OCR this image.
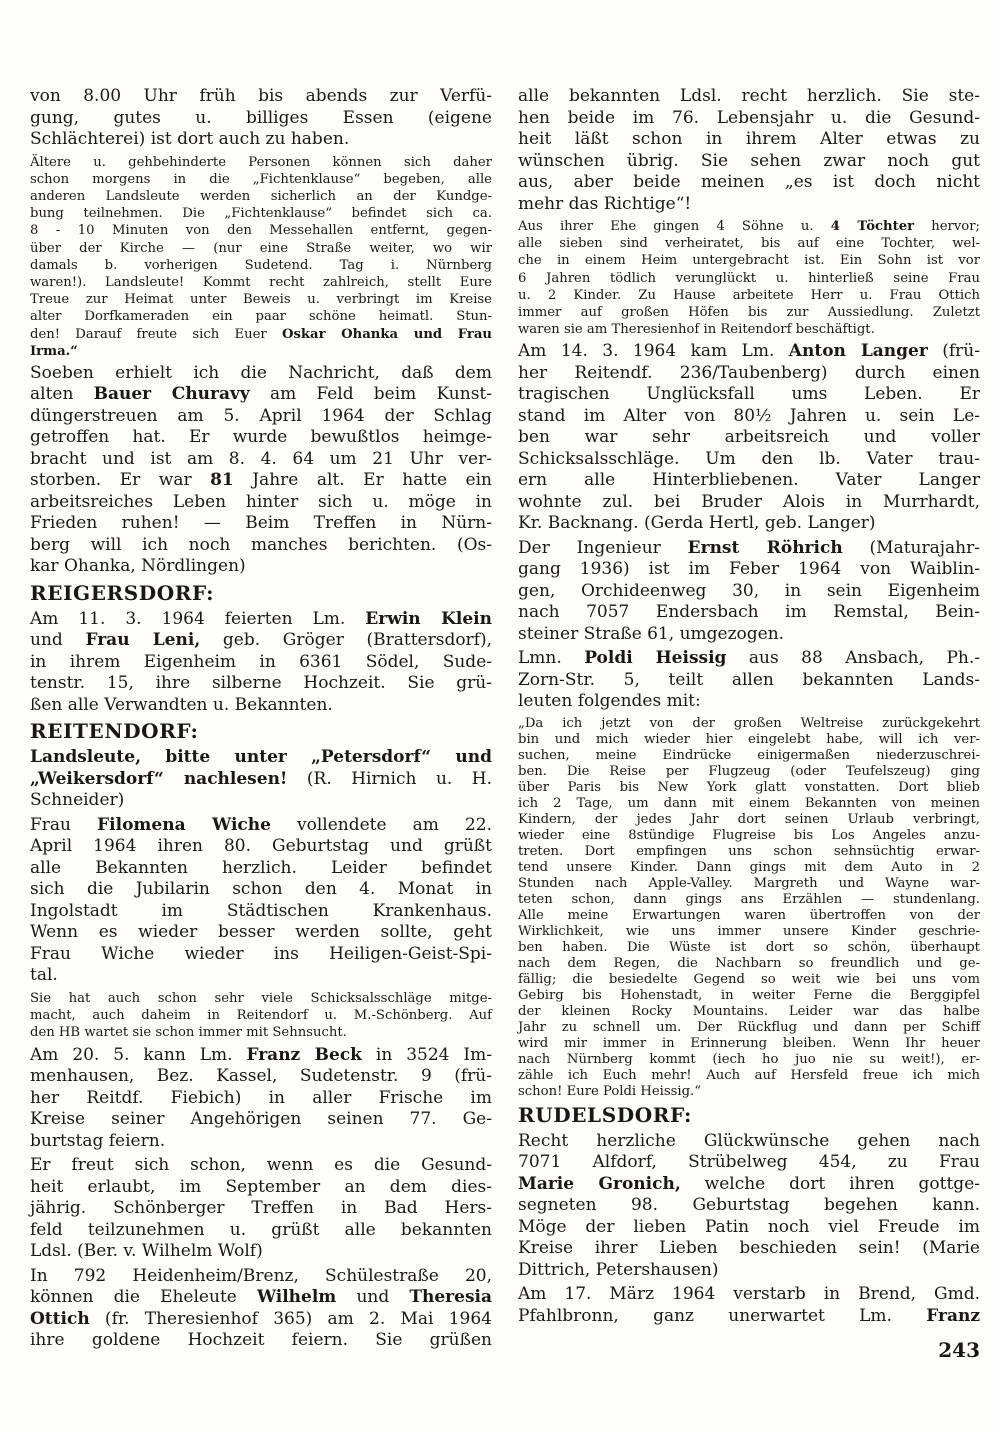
von 8.00 Uhr früh bis abends zur Verfü-
gung, gutes u. billiges Essen (eigene
Schlächterei) ist dort auch zu haben.
Ältere u. gehbehinderte Personen können sich daher
schon morgens in die „Fichtenklause“ begeben, alle
anderen Landsleute werden sicherlich an der Kundge-
bung teilnehmen. Die „Fichtenklause“ befindet sich ca.
8 - 10 Minuten von den Messehallen entfernt, gegen-
über der Kirche — (nur eine Straße weiter, wo wir
damals b. vorherigen Sudetend. Tag i. Nürnberg
waren!). Landsleute! Kommt recht zahlreich, stellt Eure
Treue zur Heimat unter Beweis u. verbringt im Kreise
alter Dorfkameraden ein paar schöne heimatl. Stun-
den! Darauf freute sich Euer Oskar Ohanka und Frau
Irma.“
Soeben erhielt ich die Nachricht, daß dem
alten Bauer Churavy am Feld beim Kunst-
düngerstreuen am 5. April 1964 der Schlag
getroffen hat. Er wurde bewußtlos heimge-
bracht und ist am 8. 4. 64 um 21 Uhr ver-
storben. Er war 81 Jahre alt. Er hatte ein
arbeitsreiches Leben hinter sich u. möge in
Frieden ruhen! — Beim Treffen in Nürn-
berg will ich noch manches berichten. (Os-
kar Ohanka, Nördlingen)
REIGERSDORF:
Am 11. 3. 1964 feierten Lm. Erwin Klein
und Frau Leni, geb. Gröger (Brattersdorf),
in ihrem Eigenheim in 6361 Södel, Sude-
tenstr. 15, ihre silberne Hochzeit. Sie grü-
ßen alle Verwandten u. Bekannten.
REITENDORF:
Landsleute, bitte unter „Petersdorf“ und
„Weikersdorf“ nachlesen! (R. Hirnich u. H.
Schneider)
Frau Filomena Wiche vollendete am 22.
April 1964 ihren 80. Geburtstag und grüßt
alle Bekannten herzlich. Leider befindet
sich die Jubilarin schon den 4. Monat in
Ingolstadt im Städtischen Krankenhaus.
Wenn es wieder besser werden sollte, geht
Frau Wiche wieder ins Heiligen-Geist-Spi-
tal.
Sie hat auch schon sehr viele Schicksalsschläge mitge-
macht, auch daheim in Reitendorf u. M.-Schönberg. Auf
den HB wartet sie schon immer mit Sehnsucht.
Am 20. 5. kann Lm. Franz Beck in 3524 Im-
menhausen, Bez. Kassel, Sudetenstr. 9 (frü-
her Reitdf. Fiebich) in aller Frische im
Kreise seiner Angehörigen seinen 77. Ge-
burtstag feiern.
Er freut sich schon, wenn es die Gesund-
heit erlaubt, im September an dem dies-
jährig. Schönberger Treffen in Bad Hers-
feld teilzunehmen u. grüßt alle bekannten
Ldsl. (Ber. v. Wilhelm Wolf)
In 792 Heidenheim/Brenz, Schülestraße 20,
können die Eheleute Wilhelm und Theresia
Ottich (fr. Theresienhof 365) am 2. Mai 1964
ihre goldene Hochzeit feiern. Sie grüßen
alle bekannten Ldsl. recht herzlich. Sie ste-
hen beide im 76. Lebensjahr u. die Gesund-
heit läßt schon in ihrem Alter etwas zu
wünschen übrig. Sie sehen zwar noch gut
aus, aber beide meinen „es ist doch nicht
mehr das Richtige“!
Aus ihrer Ehe gingen 4 Söhne u. 4 Töchter hervor;
alle sieben sind verheiratet, bis auf eine Tochter, wel-
che in einem Heim untergebracht ist. Ein Sohn ist vor
6 Jahren tödlich verunglückt u. hinterließ seine Frau
u. 2 Kinder. Zu Hause arbeitete Herr u. Frau Ottich
immer auf großen Höfen bis zur Aussiedlung. Zuletzt
waren sie am Theresienhof in Reitendorf beschäftigt.
Am 14. 3. 1964 kam Lm. Anton Langer (frü-
her Reitendf. 236/Taubenberg) durch einen
tragischen Unglücksfall ums Leben. Er
stand im Alter von 80½ Jahren u. sein Le-
ben war sehr arbeitsreich und voller
Schicksalsschläge. Um den lb. Vater trau-
ern alle Hinterbliebenen. Vater Langer
wohnte zul. bei Bruder Alois in Murrhardt,
Kr. Backnang. (Gerda Hertl, geb. Langer)
Der Ingenieur Ernst Röhrich (Maturajahr-
gang 1936) ist im Feber 1964 von Waiblin-
gen, Orchideenweg 30, in sein Eigenheim
nach 7057 Endersbach im Remstal, Bein-
steiner Straße 61, umgezogen.
Lmn. Poldi Heissig aus 88 Ansbach, Ph.-
Zorn-Str. 5, teilt allen bekannten Lands-
leuten folgendes mit:
„Da ich jetzt von der großen Weltreise zurückgekehrt
bin und mich wieder hier eingelebt habe, will ich ver-
suchen, meine Eindrücke einigermaßen niederzuschrei-
ben. Die Reise per Flugzeug (oder Teufelszeug) ging
über Paris bis New York glatt vonstatten. Dort blieb
ich 2 Tage, um dann mit einem Bekannten von meinen
Kindern, der jedes Jahr dort seinen Urlaub verbringt,
wieder eine 8stündige Flugreise bis Los Angeles anzu-
treten. Dort empfingen uns schon sehnsüchtig erwar-
tend unsere Kinder. Dann gings mit dem Auto in 2
Stunden nach Apple-Valley. Margreth und Wayne war-
teten schon, dann gings ans Erzählen — stundenlang.
Alle meine Erwartungen waren übertroffen von der
Wirklichkeit, wie uns immer unsere Kinder geschrie-
ben haben. Die Wüste ist dort so schön, überhaupt
nach dem Regen, die Nachbarn so freundlich und ge-
fällig; die besiedelte Gegend so weit wie bei uns vom
Gebirg bis Hohenstadt, in weiter Ferne die Berggipfel
der kleinen Rocky Mountains. Leider war das halbe
Jahr zu schnell um. Der Rückflug und dann per Schiff
wird mir immer in Erinnerung bleiben. Wenn Ihr heuer
nach Nürnberg kommt (iech ho juo nie su weit!), er-
zähle ich Euch mehr! Auch auf Hersfeld freue ich mich
schon! Eure Poldi Heissig.“
RUDELSDORF:
Recht herzliche Glückwünsche gehen nach
7071 Alfdorf, Strübelweg 454, zu Frau
Marie Gronich, welche dort ihren gottge-
segneten 98. Geburtstag begehen kann.
Möge der lieben Patin noch viel Freude im
Kreise ihrer Lieben beschieden sein! (Marie
Dittrich, Petershausen)
Am 17. März 1964 verstarb in Brend, Gmd.
Pfahlbronn, ganz unerwartet Lm. Franz
243
